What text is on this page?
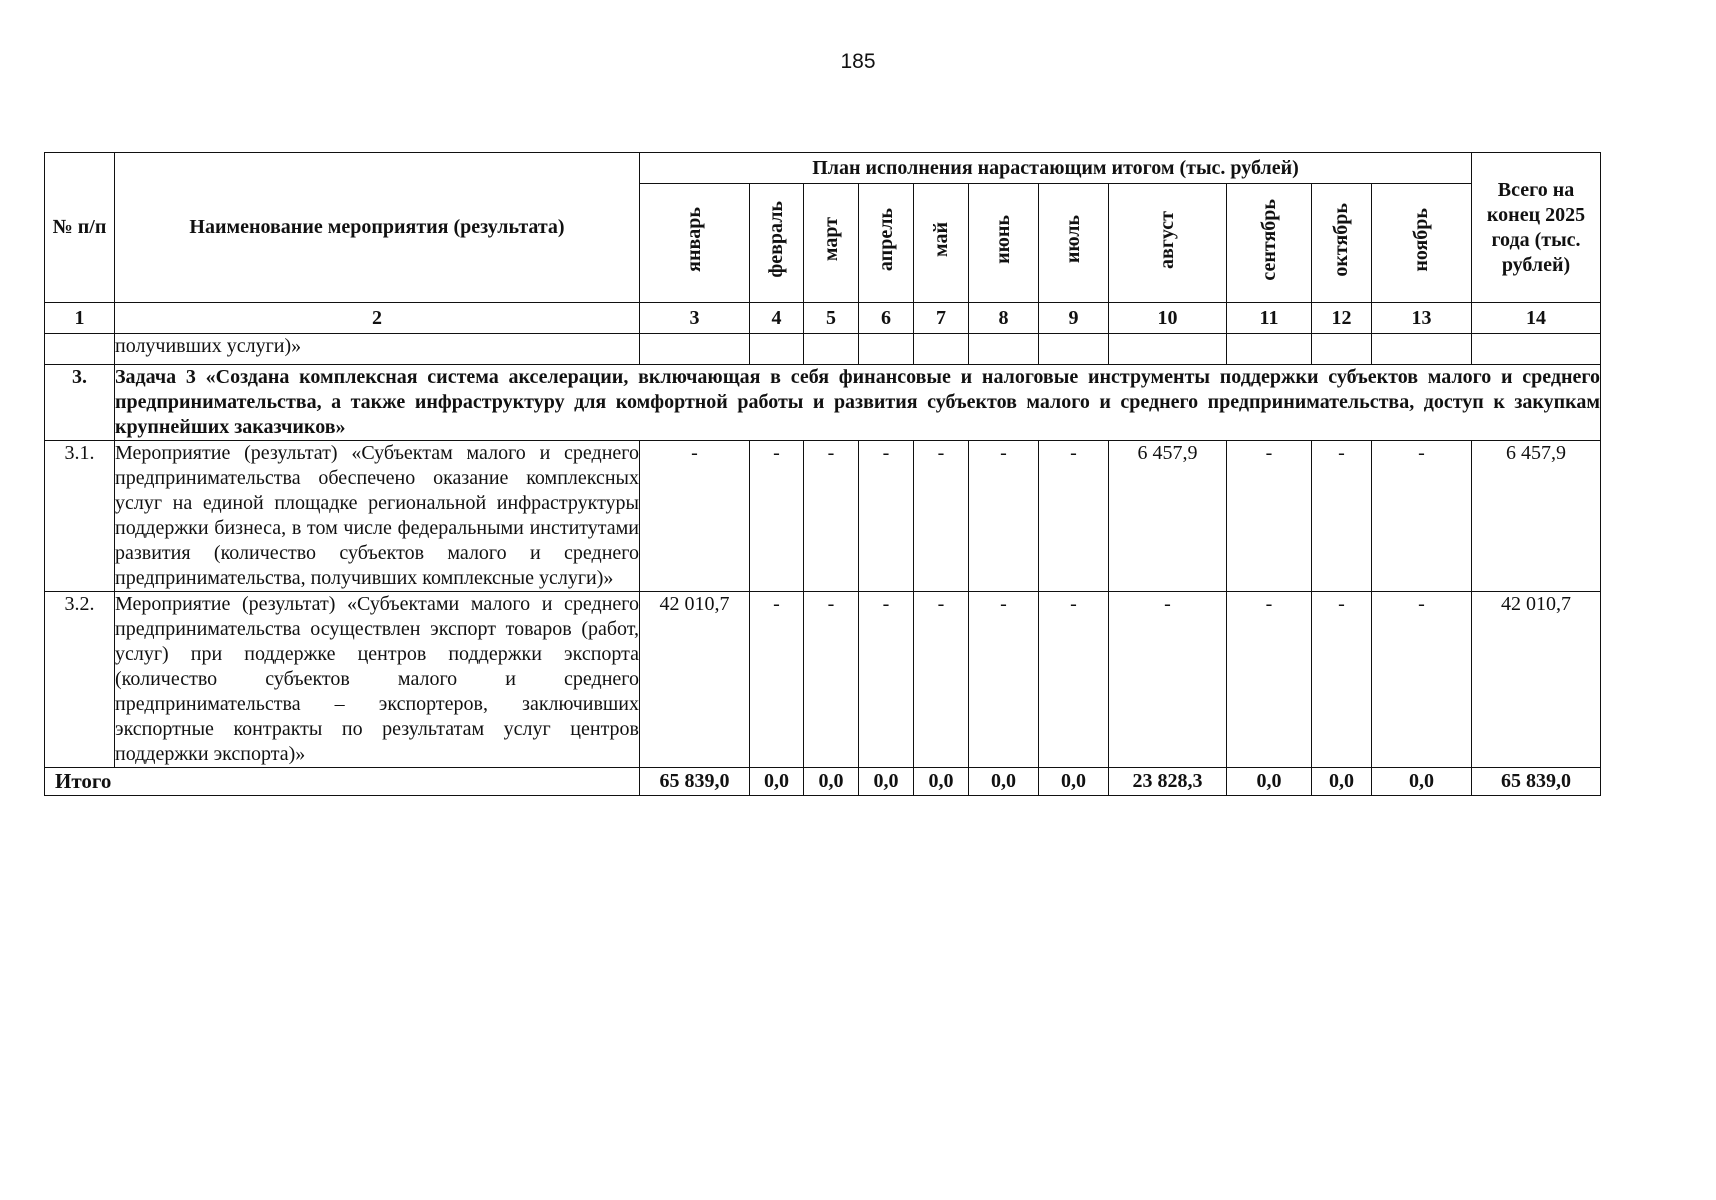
185
№ п/п	Наименование мероприятия (результата)	План исполнения нарастающим итогом (тыс. рублей)											Всего на конец 2025 года (тыс. рублей)
		январь	февраль	март	апрель	май	июнь	июль	август	сентябрь	октябрь	ноябрь	
1	2	3	4	5	6	7	8	9	10	11	12	13	14
	получивших услуги)»												
3.	Задача 3 «Создана комплексная система акселерации, включающая в себя финансовые и налоговые инструменты поддержки субъектов малого и среднего предпринимательства, а также инфраструктуру для комфортной работы и развития субъектов малого и среднего предпринимательства, доступ к закупкам крупнейших заказчиков»												
3.1.	Мероприятие (результат) «Субъектам малого и среднего предпринимательства обеспечено оказание комплексных услуг на единой площадке региональной инфраструктуры поддержки бизнеса, в том числе федеральными институтами развития (количество субъектов малого и среднего предпринимательства, получивших комплексные услуги)»	-	-	-	-	-	-	-	6 457,9	-	-	-	6 457,9
3.2.	Мероприятие (результат) «Субъектами малого и среднего предпринимательства осуществлен экспорт товаров (работ, услуг) при поддержке центров поддержки экспорта (количество субъектов малого и среднего предпринимательства – экспортеров, заключивших экспортные контракты по результатам услуг центров поддержки экспорта)»	42 010,7	-	-	-	-	-	-	-	-	-	-	42 010,7
Итого		65 839,0	0,0	0,0	0,0	0,0	0,0	0,0	23 828,3	0,0	0,0	0,0	65 839,0
